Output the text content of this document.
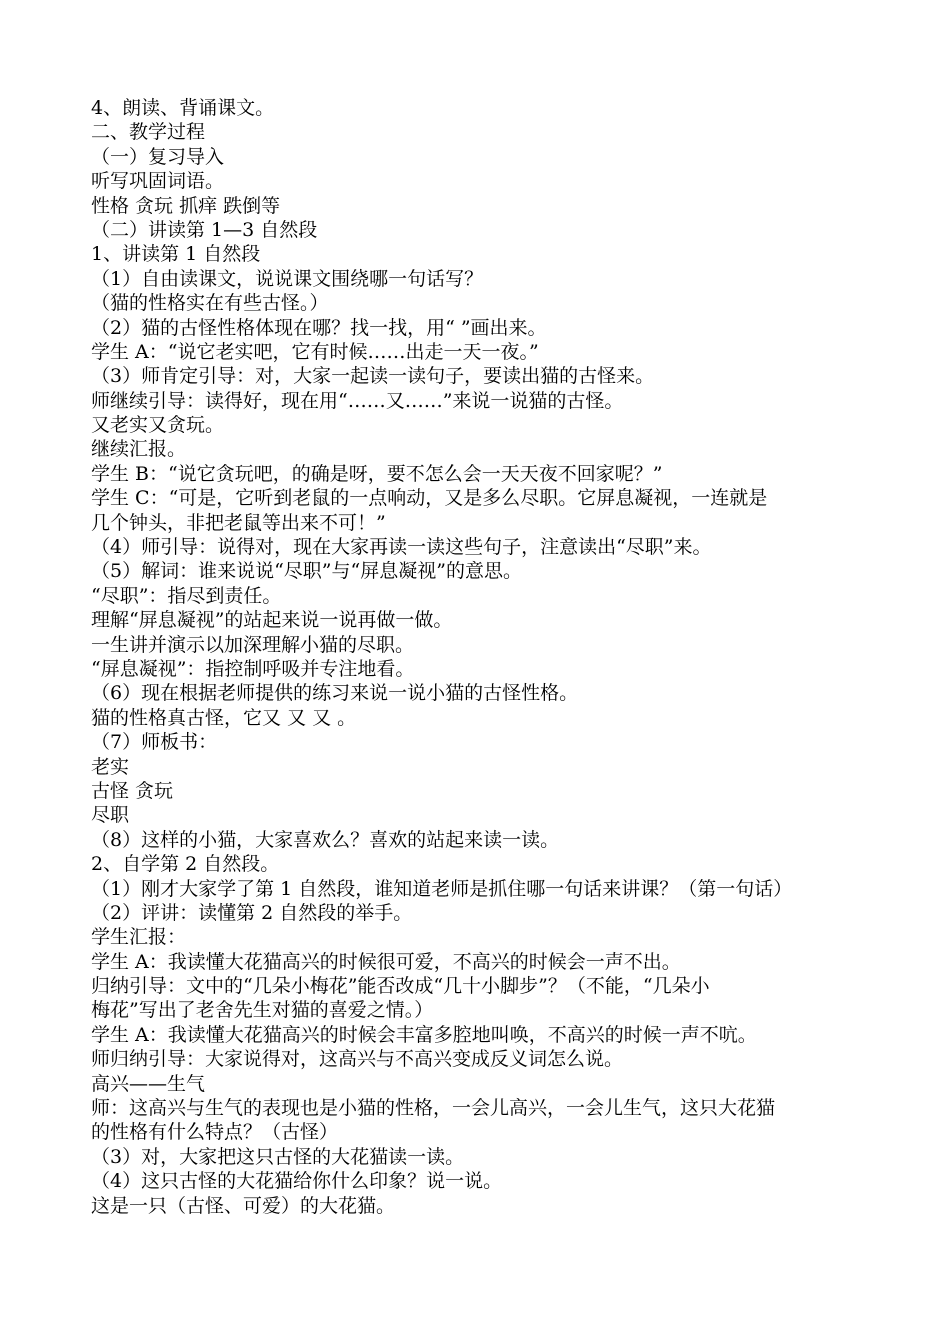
4、朗读、背诵课文。
二、教学过程
（一）复习导入
听写巩固词语。
性格 贪玩 抓痒 跌倒等
（二）讲读第 1—3 自然段
1、讲读第 1 自然段
（1）自由读课文，说说课文围绕哪一句话写？
（猫的性格实在有些古怪。）
（2）猫的古怪性格体现在哪？找一找，用“ ”画出来。
学生 A：“说它老实吧，它有时候……出走一天一夜。”
（3）师肯定引导：对，大家一起读一读句子，要读出猫的古怪来。
师继续引导：读得好，现在用“……又……”来说一说猫的古怪。
又老实又贪玩。
继续汇报。
学生 B：“说它贪玩吧，的确是呀，要不怎么会一天天夜不回家呢？”
学生 C：“可是，它听到老鼠的一点响动，又是多么尽职。它屏息凝视，一连就是
几个钟头，非把老鼠等出来不可！”
（4）师引导：说得对，现在大家再读一读这些句子，注意读出“尽职”来。
（5）解词：谁来说说“尽职”与“屏息凝视”的意思。
“尽职”：指尽到责任。
理解“屏息凝视”的站起来说一说再做一做。
一生讲并演示以加深理解小猫的尽职。
“屏息凝视”：指控制呼吸并专注地看。
（6）现在根据老师提供的练习来说一说小猫的古怪性格。
猫的性格真古怪，它又 又 又 。
（7）师板书：
老实
古怪 贪玩
尽职
（8）这样的小猫，大家喜欢么？喜欢的站起来读一读。
2、自学第 2 自然段。
（1）刚才大家学了第 1 自然段，谁知道老师是抓住哪一句话来讲课？（第一句话）
（2）评讲：读懂第 2 自然段的举手。
学生汇报：
学生 A：我读懂大花猫高兴的时候很可爱，不高兴的时候会一声不出。
归纳引导：文中的“几朵小梅花”能否改成“几十小脚步”？（不能，“几朵小
梅花”写出了老舍先生对猫的喜爱之情。）
学生 A：我读懂大花猫高兴的时候会丰富多腔地叫唤，不高兴的时候一声不吭。
师归纳引导：大家说得对，这高兴与不高兴变成反义词怎么说。
高兴——生气
师：这高兴与生气的表现也是小猫的性格，一会儿高兴，一会儿生气，这只大花猫
的性格有什么特点？（古怪）
（3）对，大家把这只古怪的大花猫读一读。
（4）这只古怪的大花猫给你什么印象？说一说。
这是一只（古怪、可爱）的大花猫。
